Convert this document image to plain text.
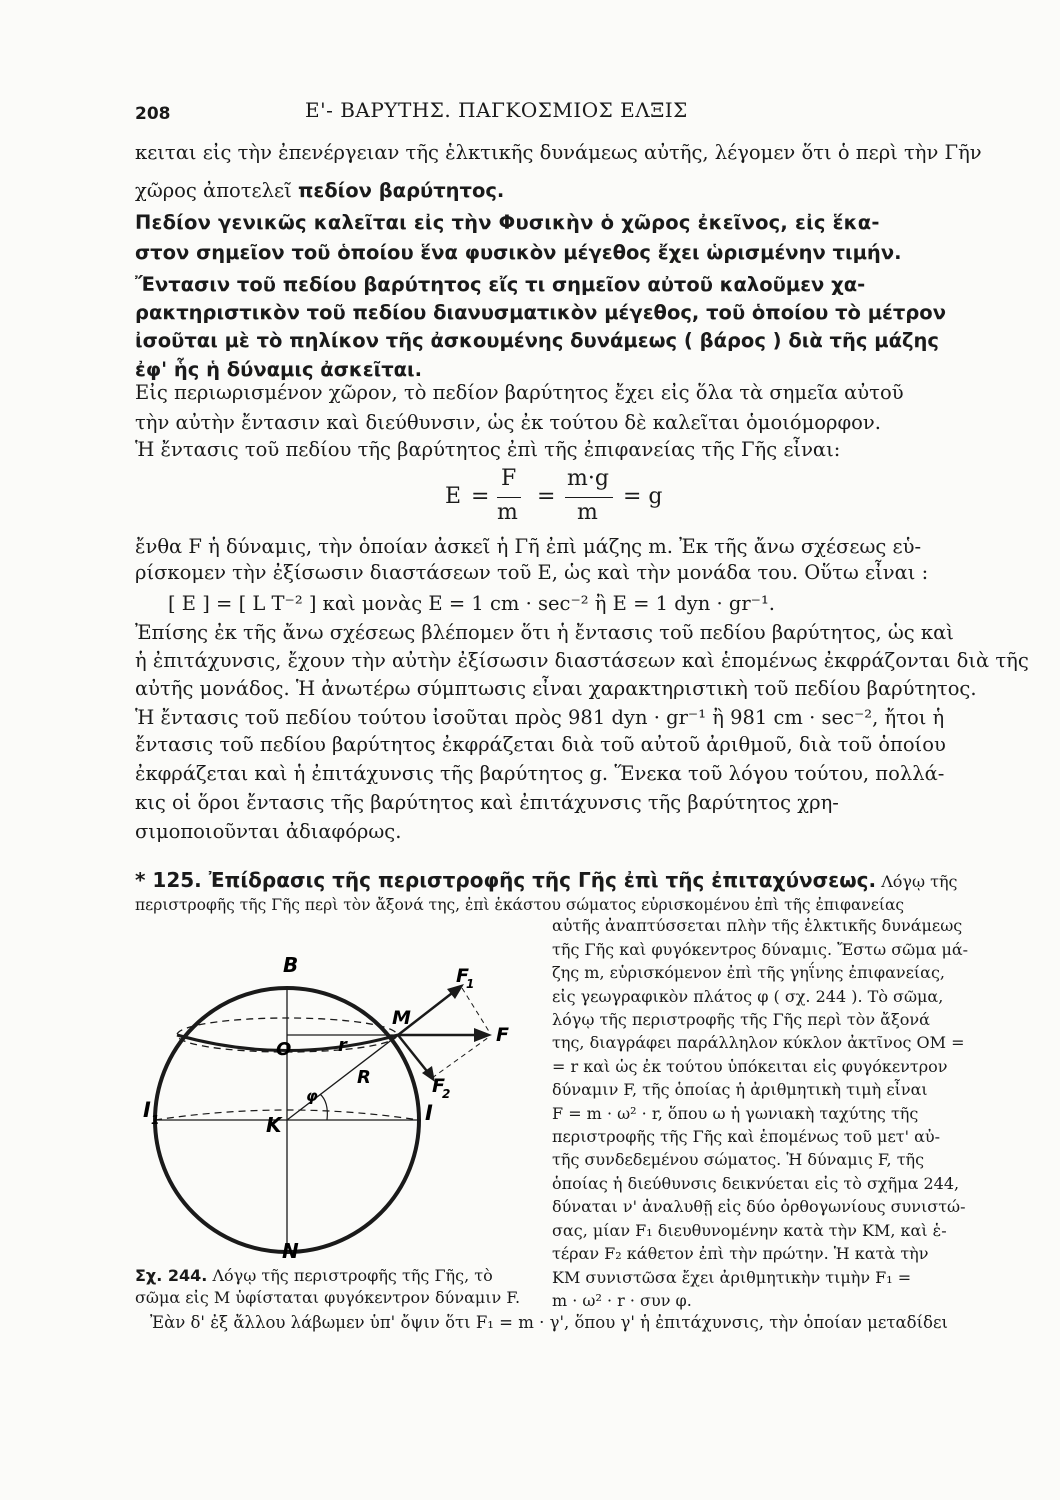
208	Ε'- ΒΑΡΥΤΗΣ. ΠΑΓΚΟΣΜΙΟΣ ΕΛΞΙΣ
κειται εἰς τὴν ἐπενέργειαν τῆς ἑλκτικῆς δυνάμεως αὐτῆς, λέγομεν ὅτι ὁ περὶ τὴν Γῆν
χῶρος ἀποτελεῖ πεδίον βαρύτητος.
Πεδίον γενικῶς καλεῖται εἰς τὴν Φυσικὴν ὁ χῶρος ἐκεῖνος, εἰς ἕκα-
στον σημεῖον τοῦ ὁποίου ἕνα φυσικὸν μέγεθος ἔχει ὡρισμένην τιμήν.
Ἔντασιν τοῦ πεδίου βαρύτητος εἴς τι σημεῖον αὐτοῦ καλοῦμεν χα-
ρακτηριστικὸν τοῦ πεδίου διανυσματικὸν μέγεθος, τοῦ ὁποίου τὸ μέτρον
ἰσοῦται μὲ τὸ πηλίκον τῆς ἀσκουμένης δυνάμεως ( βάρος ) διὰ τῆς μάζης
ἐφ' ἧς ἡ δύναμις ἀσκεῖται.
Εἰς περιωρισμένον χῶρον, τὸ πεδίον βαρύτητος ἔχει εἰς ὅλα τὰ σημεῖα αὐτοῦ
τὴν αὐτὴν ἔντασιν καὶ διεύθυνσιν, ὡς ἐκ τούτου δὲ καλεῖται ὁμοιόμορφον.
Ἡ ἔντασις τοῦ πεδίου τῆς βαρύτητος ἐπὶ τῆς ἐπιφανείας τῆς Γῆς εἶναι:
E =
F
m
=
m·g
m
= g
ἔνθα F ἡ δύναμις, τὴν ὁποίαν ἀσκεῖ ἡ Γῆ ἐπὶ μάζης m. Ἐκ τῆς ἄνω σχέσεως εὑ-
ρίσκομεν τὴν ἐξίσωσιν διαστάσεων τοῦ E, ὡς καὶ τὴν μονάδα του. Οὕτω εἶναι :
[ E ] = [ L T⁻² ] καὶ μονὰς E = 1 cm · sec⁻² ἢ E = 1 dyn · gr⁻¹.
Ἐπίσης ἐκ τῆς ἄνω σχέσεως βλέπομεν ὅτι ἡ ἔντασις τοῦ πεδίου βαρύτητος, ὡς καὶ
ἡ ἐπιτάχυνσις, ἔχουν τὴν αὐτὴν ἐξίσωσιν διαστάσεων καὶ ἑπομένως ἐκφράζονται διὰ τῆς
αὐτῆς μονάδος. Ἡ ἀνωτέρω σύμπτωσις εἶναι χαρακτηριστικὴ τοῦ πεδίου βαρύτητος.
Ἡ ἔντασις τοῦ πεδίου τούτου ἰσοῦται πρὸς 981 dyn · gr⁻¹ ἢ 981 cm · sec⁻², ἤτοι ἡ
ἔντασις τοῦ πεδίου βαρύτητος ἐκφράζεται διὰ τοῦ αὐτοῦ ἀριθμοῦ, διὰ τοῦ ὁποίου
ἐκφράζεται καὶ ἡ ἐπιτάχυνσις τῆς βαρύτητος g. Ἕνεκα τοῦ λόγου τούτου, πολλά-
κις οἱ ὅροι ἔντασις τῆς βαρύτητος καὶ ἐπιτάχυνσις τῆς βαρύτητος χρη-
σιμοποιοῦνται ἀδιαφόρως.
* 125. Ἐπίδρασις τῆς περιστροφῆς τῆς Γῆς ἐπὶ τῆς ἐπιταχύνσεως. Λόγῳ τῆς
περιστροφῆς τῆς Γῆς περὶ τὸν ἄξονά της, ἐπὶ ἑκάστου σώματος εὑρισκομένου ἐπὶ τῆς ἐπιφανείας
αὐτῆς ἀναπτύσσεται πλὴν τῆς ἑλκτικῆς δυνάμεως
τῆς Γῆς καὶ φυγόκεντρος δύναμις. Ἔστω σῶμα μά-
ζης m, εὑρισκόμενον ἐπὶ τῆς γηΐνης ἐπιφανείας,
εἰς γεωγραφικὸν πλάτος φ ( σχ. 244 ). Τὸ σῶμα,
λόγῳ τῆς περιστροφῆς τῆς Γῆς περὶ τὸν ἄξονά
της, διαγράφει παράλληλον κύκλον ἀκτῖνος OM =
= r καὶ ὡς ἐκ τούτου ὑπόκειται εἰς φυγόκεντρον
δύναμιν F, τῆς ὁποίας ἡ ἀριθμητικὴ τιμὴ εἶναι
F = m · ω² · r, ὅπου ω ἡ γωνιακὴ ταχύτης τῆς
περιστροφῆς τῆς Γῆς καὶ ἑπομένως τοῦ μετ' αὐ-
τῆς συνδεδεμένου σώματος. Ἡ δύναμις F, τῆς
ὁποίας ἡ διεύθυνσις δεικνύεται εἰς τὸ σχῆμα 244,
δύναται ν' ἀναλυθῇ εἰς δύο ὀρθογωνίους συνιστώ-
σας, μίαν F₁ διευθυνομένην κατὰ τὴν KM, καὶ ἑ-
τέραν F₂ κάθετον ἐπὶ τὴν πρώτην. Ἡ κατὰ τὴν
KM συνιστῶσα ἔχει ἀριθμητικὴν τιμὴν F₁ =
m · ω² · r · συν φ.
B
N
K
O
I
I 1
M
F
F
1
F
2
r
R
φ
Σχ. 244. Λόγῳ τῆς περιστροφῆς τῆς Γῆς, τὸ
σῶμα εἰς M ὑφίσταται φυγόκεντρον δύναμιν F.
Ἐὰν δ' ἐξ ἄλλου λάβωμεν ὑπ' ὄψιν ὅτι F₁ = m · γ', ὅπου γ' ἡ ἐπιτάχυνσις, τὴν ὁποίαν μεταδίδει
